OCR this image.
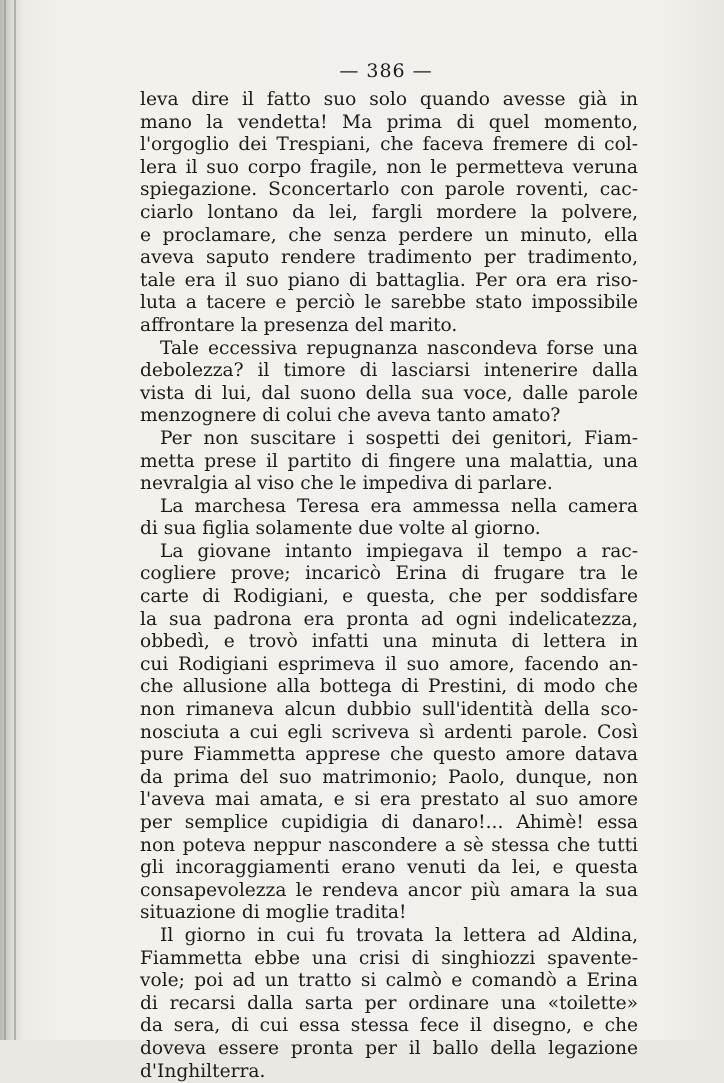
— 386 —
leva dire il fatto suo solo quando avesse già in
mano la vendetta! Ma prima di quel momento,
l'orgoglio dei Trespiani, che faceva fremere di col-
lera il suo corpo fragile, non le permetteva veruna
spiegazione. Sconcertarlo con parole roventi, cac-
ciarlo lontano da lei, fargli mordere la polvere,
e proclamare, che senza perdere un minuto, ella
aveva saputo rendere tradimento per tradimento,
tale era il suo piano di battaglia. Per ora era riso-
luta a tacere e perciò le sarebbe stato impossibile
affrontare la presenza del marito.
Tale eccessiva repugnanza nascondeva forse una
debolezza? il timore di lasciarsi intenerire dalla
vista di lui, dal suono della sua voce, dalle parole
menzognere di colui che aveva tanto amato?
Per non suscitare i sospetti dei genitori, Fiam-
metta prese il partito di fingere una malattia, una
nevralgia al viso che le impediva di parlare.
La marchesa Teresa era ammessa nella camera
di sua figlia solamente due volte al giorno.
La giovane intanto impiegava il tempo a rac-
cogliere prove; incaricò Erina di frugare tra le
carte di Rodigiani, e questa, che per soddisfare
la sua padrona era pronta ad ogni indelicatezza,
obbedì, e trovò infatti una minuta di lettera in
cui Rodigiani esprimeva il suo amore, facendo an-
che allusione alla bottega di Prestini, di modo che
non rimaneva alcun dubbio sull'identità della sco-
nosciuta a cui egli scriveva sì ardenti parole. Così
pure Fiammetta apprese che questo amore datava
da prima del suo matrimonio; Paolo, dunque, non
l'aveva mai amata, e si era prestato al suo amore
per semplice cupidigia di danaro!... Ahimè! essa
non poteva neppur nascondere a sè stessa che tutti
gli incoraggiamenti erano venuti da lei, e questa
consapevolezza le rendeva ancor più amara la sua
situazione di moglie tradita!
Il giorno in cui fu trovata la lettera ad Aldina,
Fiammetta ebbe una crisi di singhiozzi spavente-
vole; poi ad un tratto si calmò e comandò a Erina
di recarsi dalla sarta per ordinare una «toilette»
da sera, di cui essa stessa fece il disegno, e che
doveva essere pronta per il ballo della legazione
d'Inghilterra.
